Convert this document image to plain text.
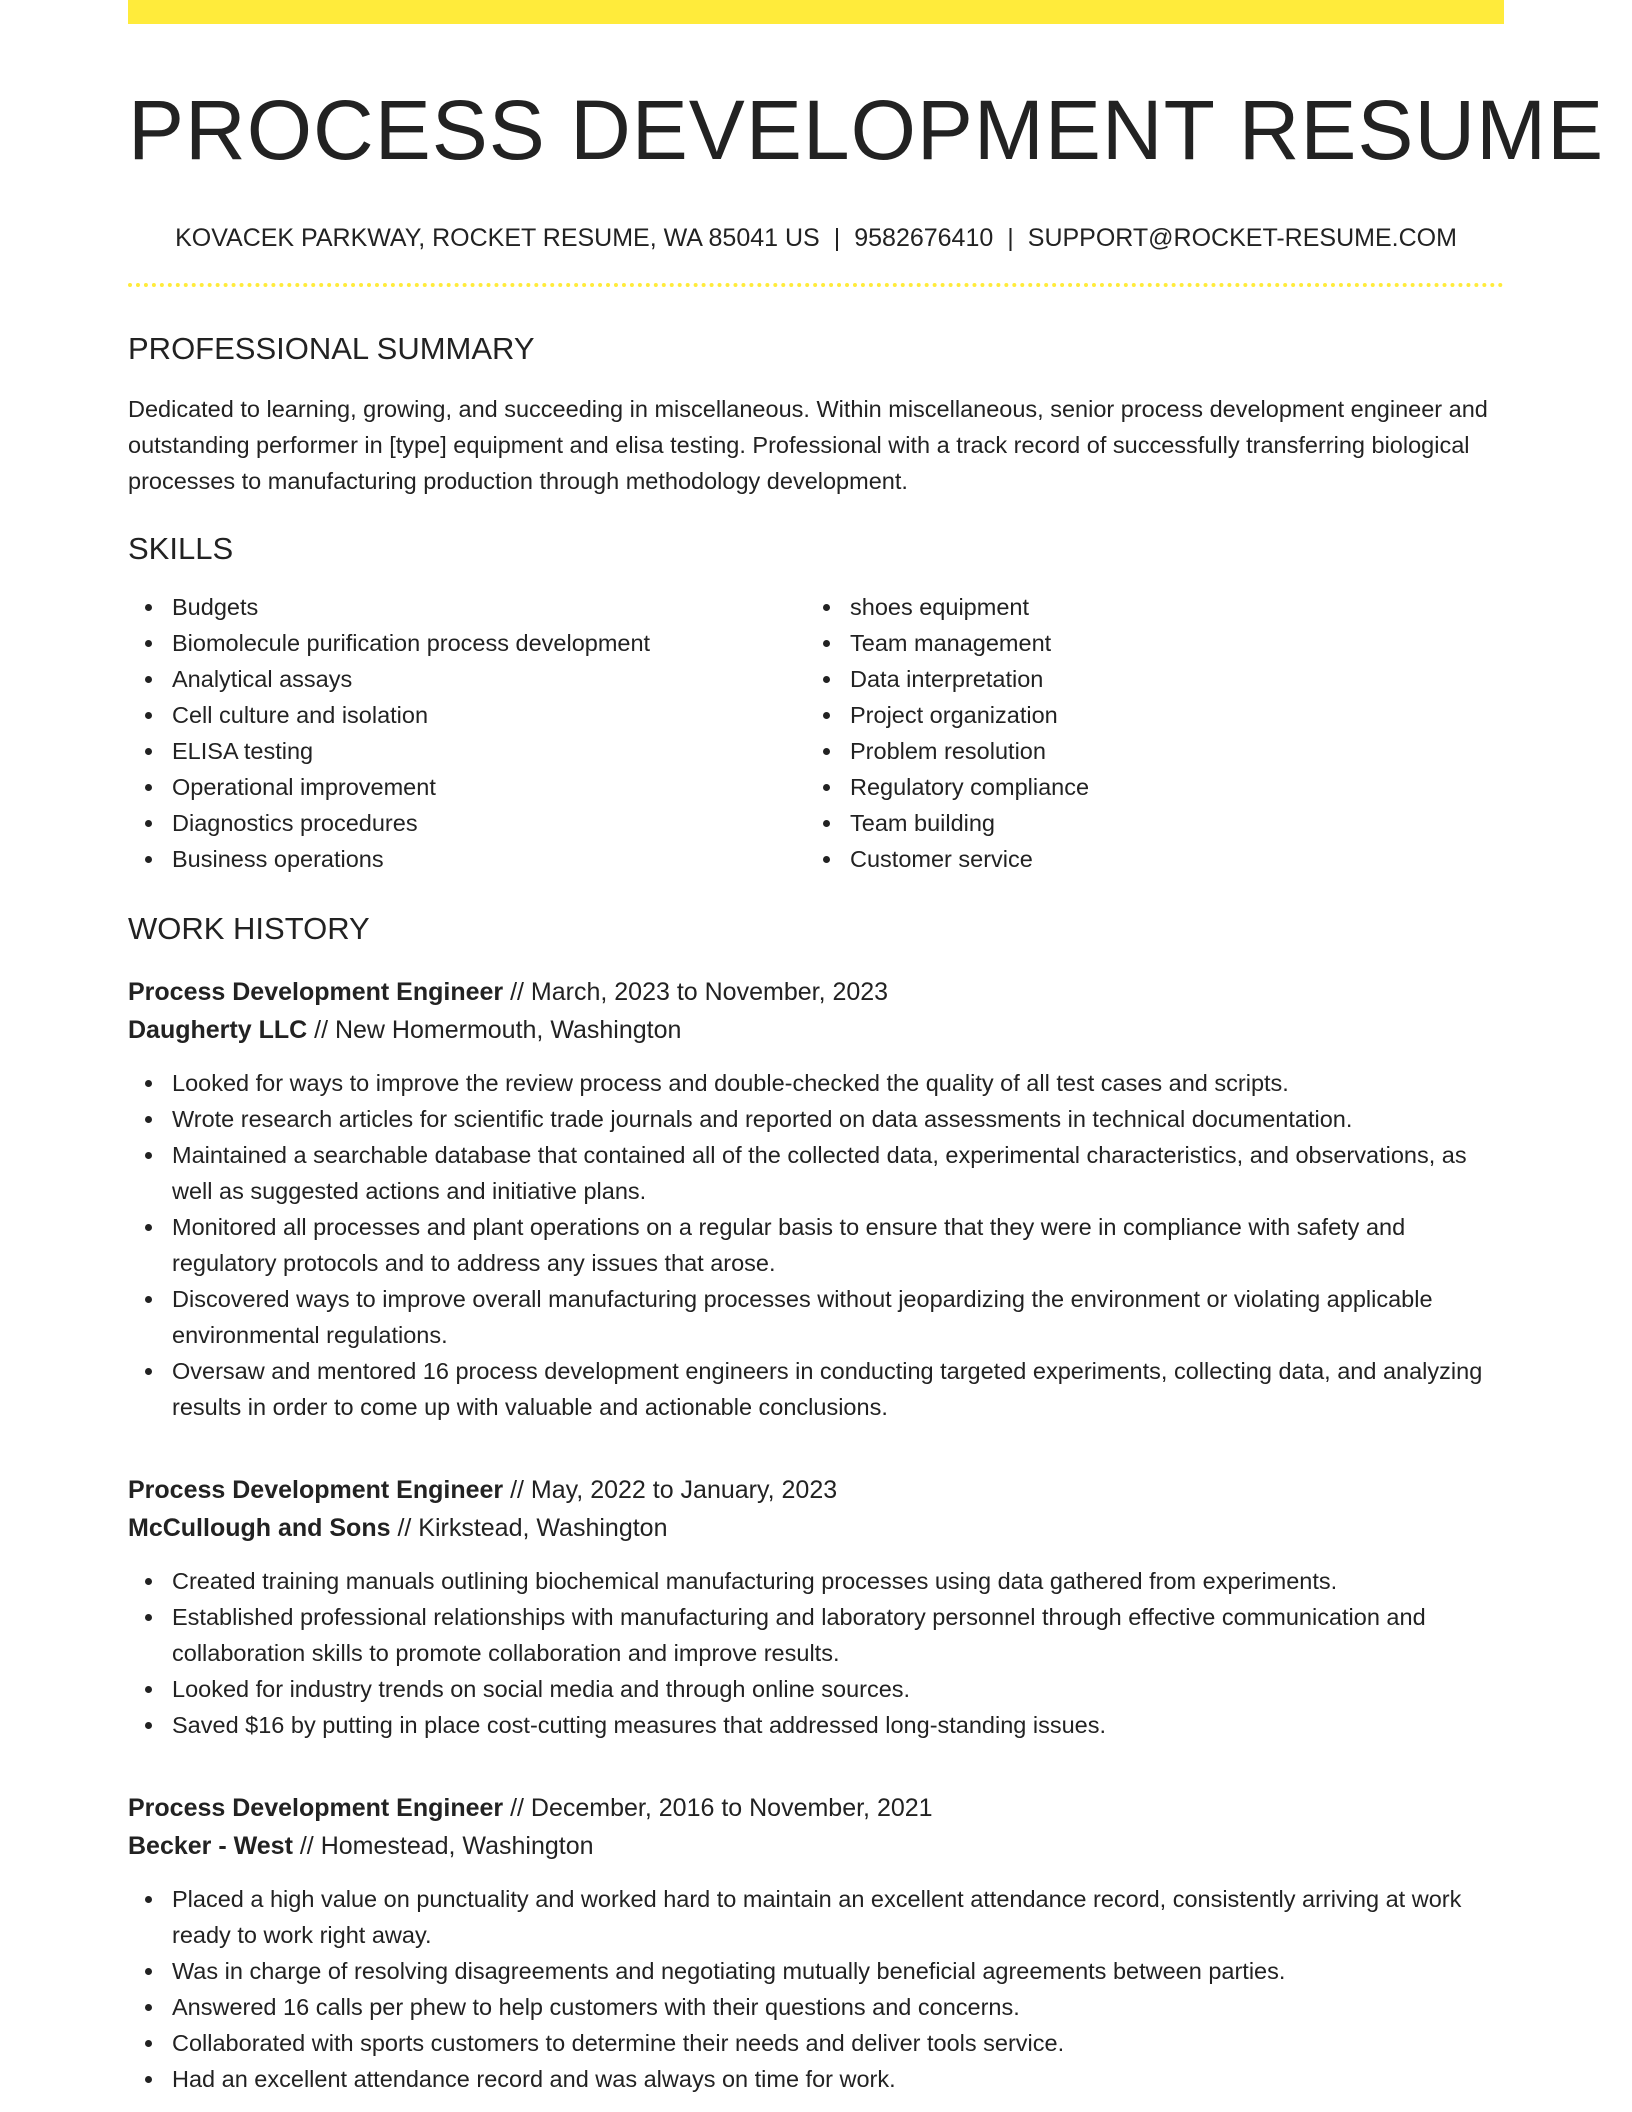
PROCESS DEVELOPMENT RESUME
KOVACEK PARKWAY, ROCKET RESUME, WA 85041 US | 9582676410 | SUPPORT@ROCKET-RESUME.COM
PROFESSIONAL SUMMARY
Dedicated to learning, growing, and succeeding in miscellaneous. Within miscellaneous, senior process development engineer and outstanding performer in [type] equipment and elisa testing. Professional with a track record of successfully transferring biological processes to manufacturing production through methodology development.
SKILLS
Budgets
Biomolecule purification process development
Analytical assays
Cell culture and isolation
ELISA testing
Operational improvement
Diagnostics procedures
Business operations
shoes equipment
Team management
Data interpretation
Project organization
Problem resolution
Regulatory compliance
Team building
Customer service
WORK HISTORY
Process Development Engineer // March, 2023 to November, 2023
Daugherty LLC // New Homermouth, Washington
Looked for ways to improve the review process and double-checked the quality of all test cases and scripts.
Wrote research articles for scientific trade journals and reported on data assessments in technical documentation.
Maintained a searchable database that contained all of the collected data, experimental characteristics, and observations, as well as suggested actions and initiative plans.
Monitored all processes and plant operations on a regular basis to ensure that they were in compliance with safety and regulatory protocols and to address any issues that arose.
Discovered ways to improve overall manufacturing processes without jeopardizing the environment or violating applicable environmental regulations.
Oversaw and mentored 16 process development engineers in conducting targeted experiments, collecting data, and analyzing results in order to come up with valuable and actionable conclusions.
Process Development Engineer // May, 2022 to January, 2023
McCullough and Sons // Kirkstead, Washington
Created training manuals outlining biochemical manufacturing processes using data gathered from experiments.
Established professional relationships with manufacturing and laboratory personnel through effective communication and collaboration skills to promote collaboration and improve results.
Looked for industry trends on social media and through online sources.
Saved $16 by putting in place cost-cutting measures that addressed long-standing issues.
Process Development Engineer // December, 2016 to November, 2021
Becker - West // Homestead, Washington
Placed a high value on punctuality and worked hard to maintain an excellent attendance record, consistently arriving at work ready to work right away.
Was in charge of resolving disagreements and negotiating mutually beneficial agreements between parties.
Answered 16 calls per phew to help customers with their questions and concerns.
Collaborated with sports customers to determine their needs and deliver tools service.
Had an excellent attendance record and was always on time for work.
